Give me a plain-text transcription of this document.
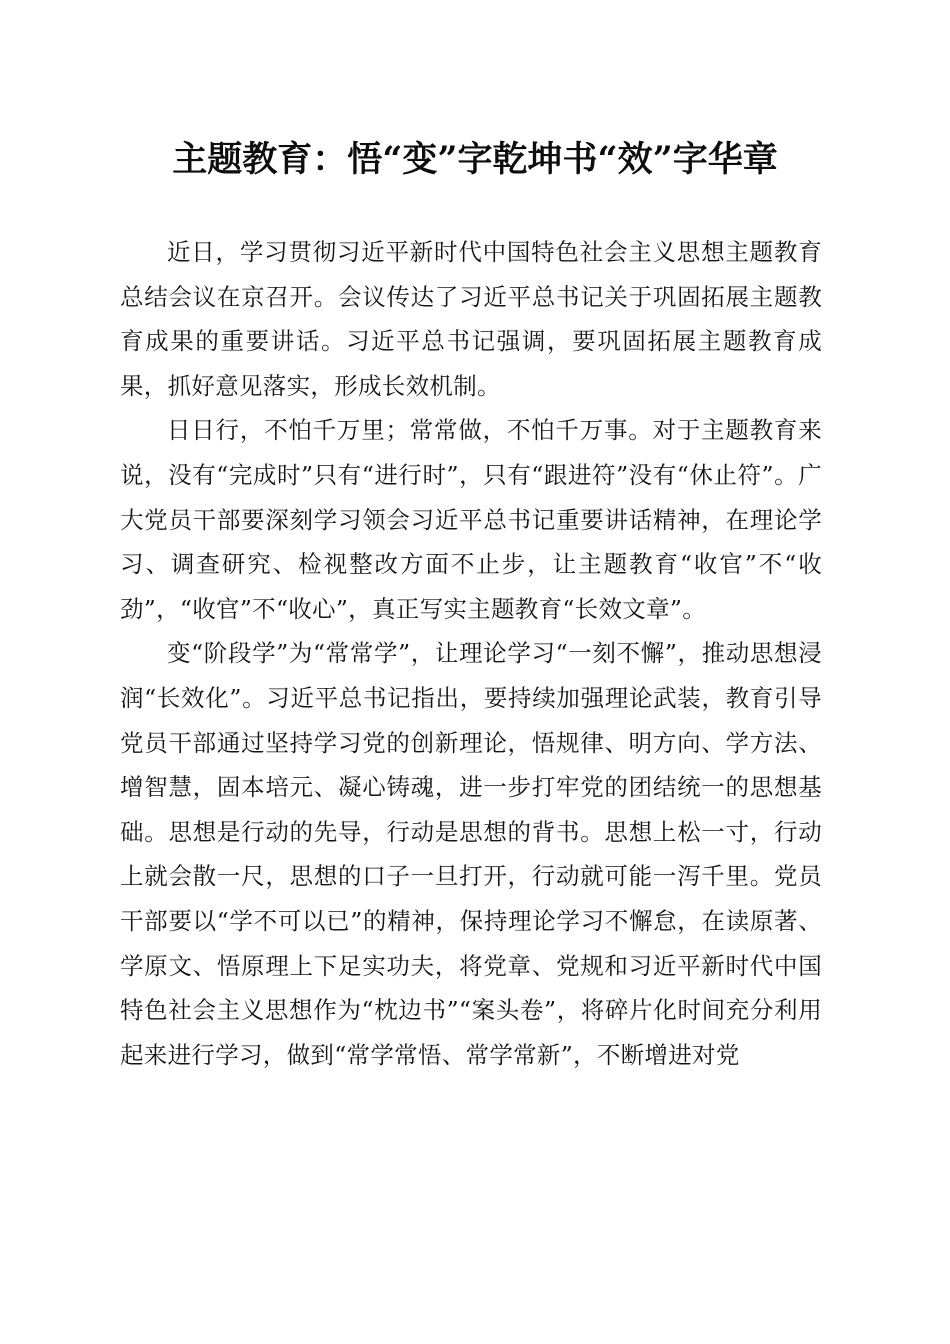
主题教育：悟“变”字乾坤书“效”字华章

近日，学习贯彻习近平新时代中国特色社会主义思想主题教育总结会议在京召开。会议传达了习近平总书记关于巩固拓展主题教育成果的重要讲话。习近平总书记强调，要巩固拓展主题教育成果，抓好意见落实，形成长效机制。

日日行，不怕千万里；常常做，不怕千万事。对于主题教育来说，没有“完成时”只有“进行时”，只有“跟进符”没有“休止符”。广大党员干部要深刻学习领会习近平总书记重要讲话精神，在理论学习、调查研究、检视整改方面不止步，让主题教育“收官”不“收劲”，“收官”不“收心”，真正写实主题教育“长效文章”。

变“阶段学”为“常常学”，让理论学习“一刻不懈”，推动思想浸润“长效化”。习近平总书记指出，要持续加强理论武装，教育引导党员干部通过坚持学习党的创新理论，悟规律、明方向、学方法、增智慧，固本培元、凝心铸魂，进一步打牢党的团结统一的思想基础。思想是行动的先导，行动是思想的背书。思想上松一寸，行动上就会散一尺，思想的口子一旦打开，行动就可能一泻千里。党员干部要以“学不可以已”的精神，保持理论学习不懈怠，在读原著、学原文、悟原理上下足实功夫，将党章、党规和习近平新时代中国特色社会主义思想作为“枕边书”“案头卷”，将碎片化时间充分利用起来进行学习，做到“常学常悟、常学常新”，不断增进对党
